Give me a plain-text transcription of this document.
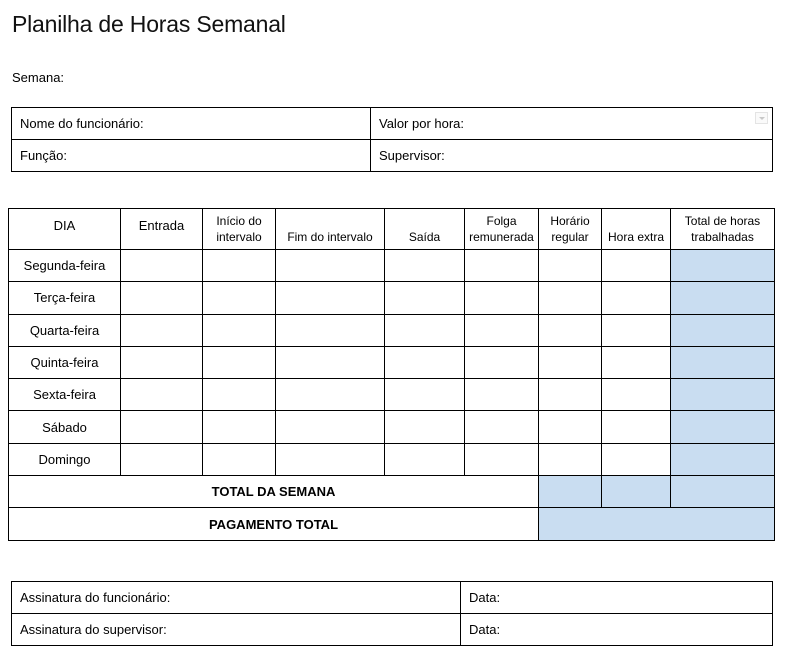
Planilha de Horas Semanal
Semana:
Nome do funcionário:	Valor por hora:

Função:	Supervisor:
DIA	Entrada	Início do intervalo	Fim do intervalo	Saída	Folga remunerada	Horário regular	Hora extra	Total de horas trabalhadas
Segunda-feira								
Terça-feira								
Quarta-feira								
Quinta-feira								
Sexta-feira								
Sábado								
Domingo								
TOTAL DA SEMANA								
PAGAMENTO TOTAL								
Assinatura do funcionário:	Data:
Assinatura do supervisor:	Data:
